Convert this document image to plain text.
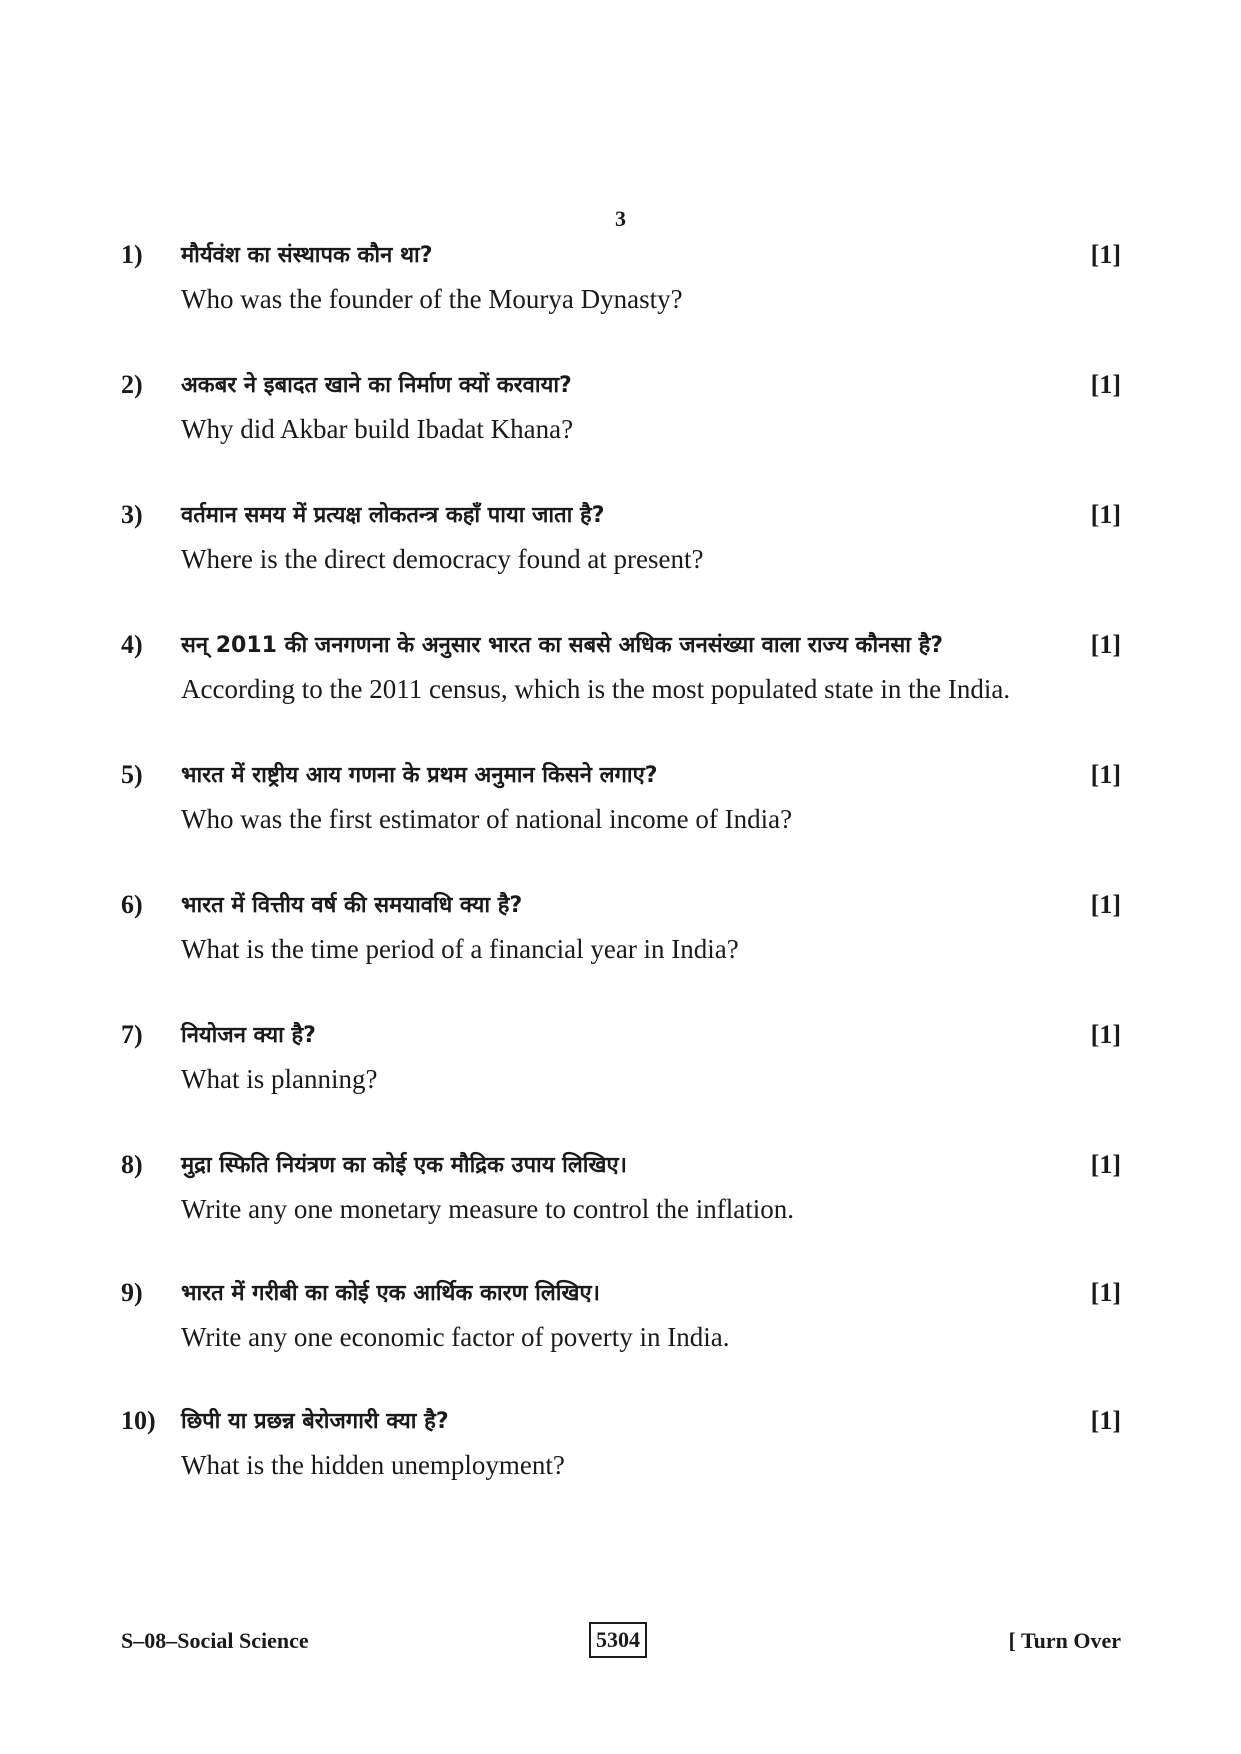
3
1) मौर्यवंश का संस्थापक कौन था?
Who was the founder of the Mourya Dynasty?
[1]
2) अकबर ने इबादत खाने का निर्माण क्यों करवाया?
Why did Akbar build Ibadat Khana?
[1]
3) वर्तमान समय में प्रत्यक्ष लोकतन्त्र कहाँ पाया जाता है?
Where is the direct democracy found at present?
[1]
4) सन् 2011 की जनगणना के अनुसार भारत का सबसे अधिक जनसंख्या वाला राज्य कौनसा है?
According to the 2011 census, which is the most populated state in the India.
[1]
5) भारत में राष्ट्रीय आय गणना के प्रथम अनुमान किसने लगाए?
Who was the first estimator of national income of India?
[1]
6) भारत में वित्तीय वर्ष की समयावधि क्या है?
What is the time period of a financial year in India?
[1]
7) नियोजन क्या है?
What is planning?
[1]
8) मुद्रा स्फिति नियंत्रण का कोई एक मौद्रिक उपाय लिखिए।
Write any one monetary measure to control the inflation.
[1]
9) भारत में गरीबी का कोई एक आर्थिक कारण लिखिए।
Write any one economic factor of poverty in India.
[1]
10) छिपी या प्रछन्न बेरोजगारी क्या है?
What is the hidden unemployment?
[1]
S–08–Social Science	5304	[ Turn Over
